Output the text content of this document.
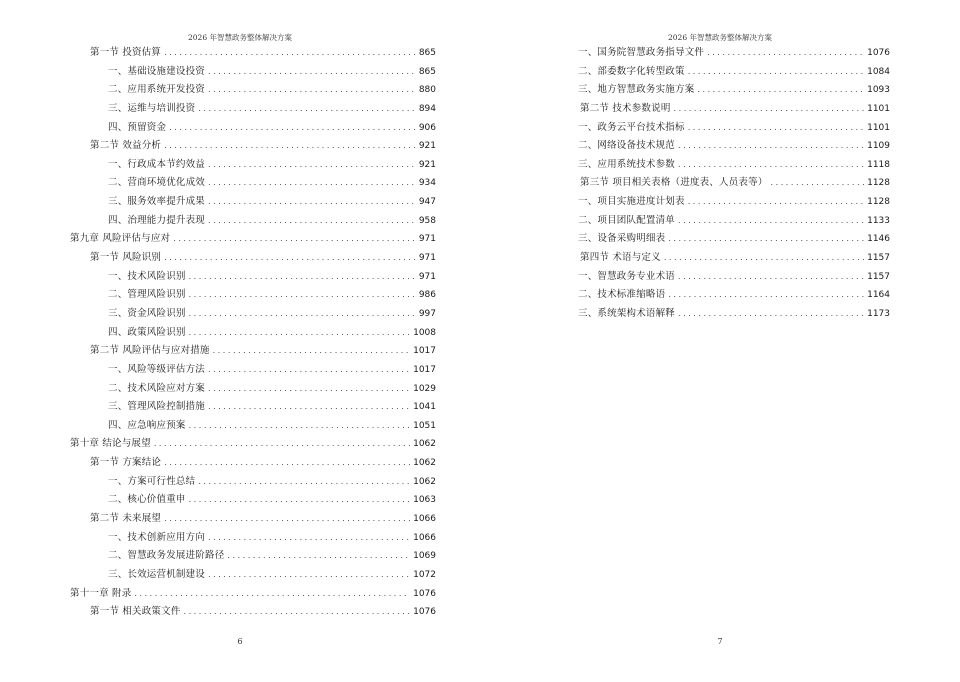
2026 年智慧政务整体解决方案
第一节 投资估算 . . .	865
一、基础设施建设投资 . . .	865
二、应用系统开发投资 . . .	880
三、运维与培训投资 . . .	894
四、预留资金 . . .	906
第二节 效益分析 . . .	921
一、行政成本节约效益 . . .	921
二、营商环境优化成效 . . .	934
三、服务效率提升成果 . . .	947
四、治理能力提升表现 . . .	958
第九章 风险评估与应对 . . .	971
第一节 风险识别 . . .	971
一、技术风险识别 . . .	971
二、管理风险识别 . . .	986
三、资金风险识别 . . .	997
四、政策风险识别 . . .	1008
第二节 风险评估与应对措施 . . .	1017
一、风险等级评估方法 . . .	1017
二、技术风险应对方案 . . .	1029
三、管理风险控制措施 . . .	1041
四、应急响应预案 . . .	1051
第十章 结论与展望 . . .	1062
第一节 方案结论 . . .	1062
一、方案可行性总结 . . .	1062
二、核心价值重申 . . .	1063
第二节 未来展望 . . .	1066
一、技术创新应用方向 . . .	1066
二、智慧政务发展进阶路径 . . .	1069
三、长效运营机制建设 . . .	1072
第十一章 附录 . . .	1076
第一节 相关政策文件 . . .	1076
6
2026 年智慧政务整体解决方案
一、国务院智慧政务指导文件 . . .	1076
二、部委数字化转型政策 . . .	1084
三、地方智慧政务实施方案 . . .	1093
第二节 技术参数说明 . . .	1101
一、政务云平台技术指标 . . .	1101
二、网络设备技术规范 . . .	1109
三、应用系统技术参数 . . .	1118
第三节 项目相关表格（进度表、人员表等） . . .	1128
一、项目实施进度计划表 . . .	1128
二、项目团队配置清单 . . .	1133
三、设备采购明细表 . . .	1146
第四节 术语与定义 . . .	1157
一、智慧政务专业术语 . . .	1157
二、技术标准缩略语 . . .	1164
三、系统架构术语解释 . . .	1173
7
